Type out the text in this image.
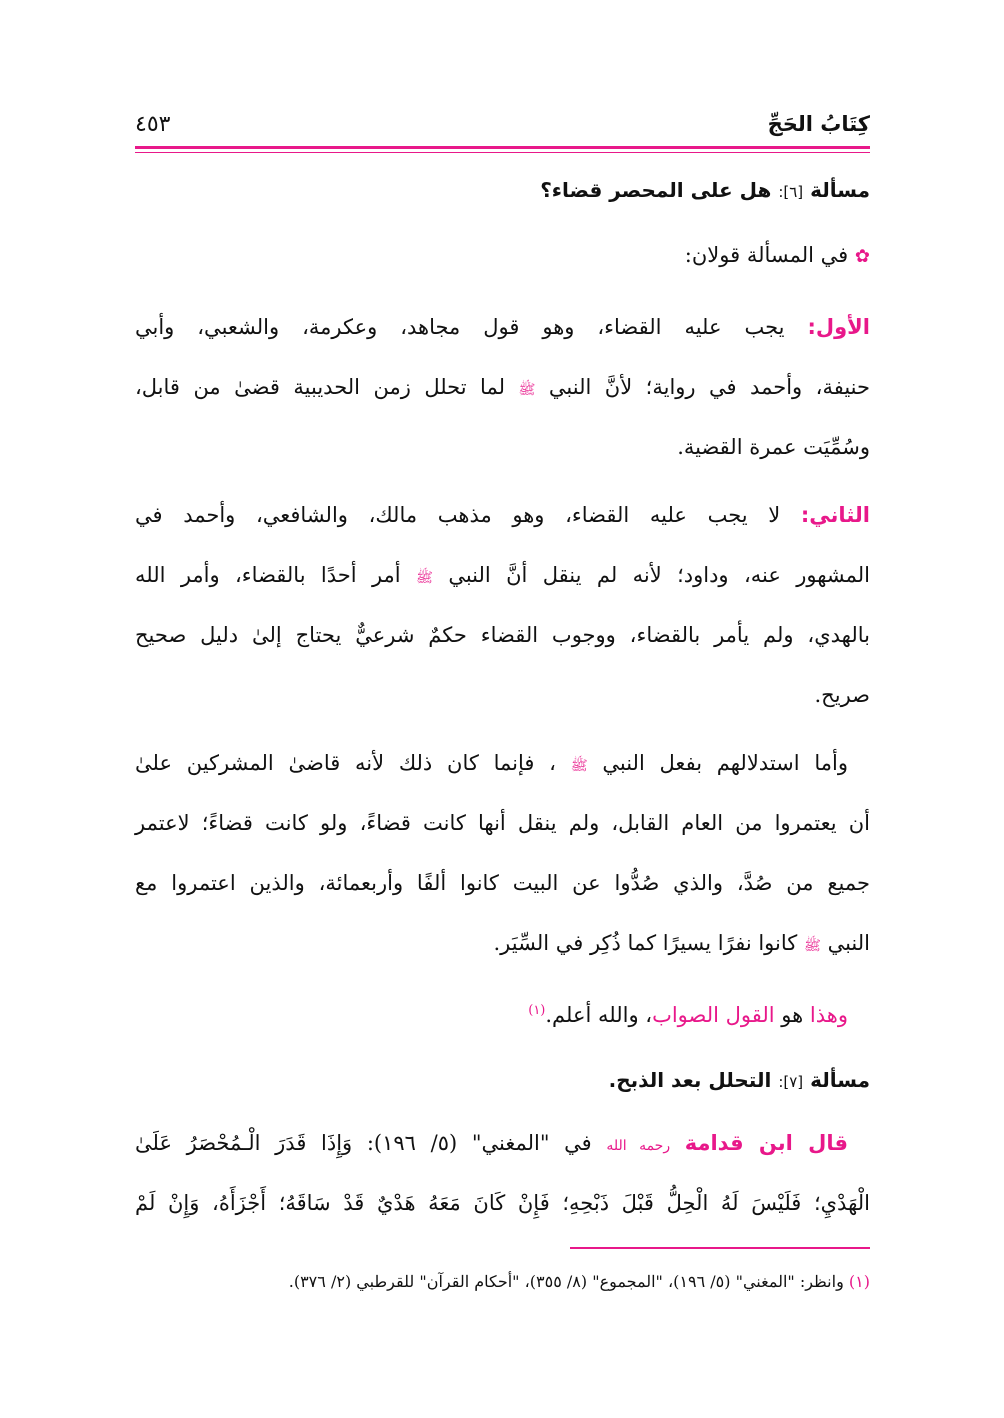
كِتَابُ الحَجِّ
٤٥٣
مسألة [٦]: هل على المحصر قضاء؟
✿ في المسألة قولان:
الأول: يجب عليه القضاء، وهو قول مجاهد، وعكرمة، والشعبي، وأبي
حنيفة، وأحمد في رواية؛ لأنَّ النبي ﷺ لما تحلل زمن الحديبية قضىٰ من قابل،
وسُمِّيَت عمرة القضية.
الثاني: لا يجب عليه القضاء، وهو مذهب مالك، والشافعي، وأحمد في
المشهور عنه، وداود؛ لأنه لم ينقل أنَّ النبي ﷺ أمر أحدًا بالقضاء، وأمر الله
بالهدي، ولم يأمر بالقضاء، ووجوب القضاء حكمٌ شرعيٌّ يحتاج إلىٰ دليل صحيح
صريح.
وأما استدلالهم بفعل النبي ﷺ ، فإنما كان ذلك لأنه قاضىٰ المشركين علىٰ
أن يعتمروا من العام القابل، ولم ينقل أنها كانت قضاءً، ولو كانت قضاءً؛ لاعتمر
جميع من صُدَّ، والذي صُدُّوا عن البيت كانوا ألفًا وأربعمائة، والذين اعتمروا مع
النبي ﷺ كانوا نفرًا يسيرًا كما ذُكِر في السِّيَر.
وهذا هو القول الصواب، والله أعلم.$^{(١)}$
مسألة [٧]: التحلل بعد الذبح.
قال ابن قدامة رحمه الله في "المغني" (٥/ ١٩٦): وَإِذَا قَدَرَ الْـمُحْصَرُ عَلَىٰ
الْهَدْيِ؛ فَلَيْسَ لَهُ الْحِلُّ قَبْلَ ذَبْحِهِ؛ فَإِنْ كَانَ مَعَهُ هَدْيٌ قَدْ سَاقَهُ؛ أَجْزَأَهُ، وَإِنْ لَمْ
(١) وانظر: "المغني" (٥/ ١٩٦)، "المجموع" (٨/ ٣٥٥)، "أحكام القرآن" للقرطبي (٢/ ٣٧٦).
